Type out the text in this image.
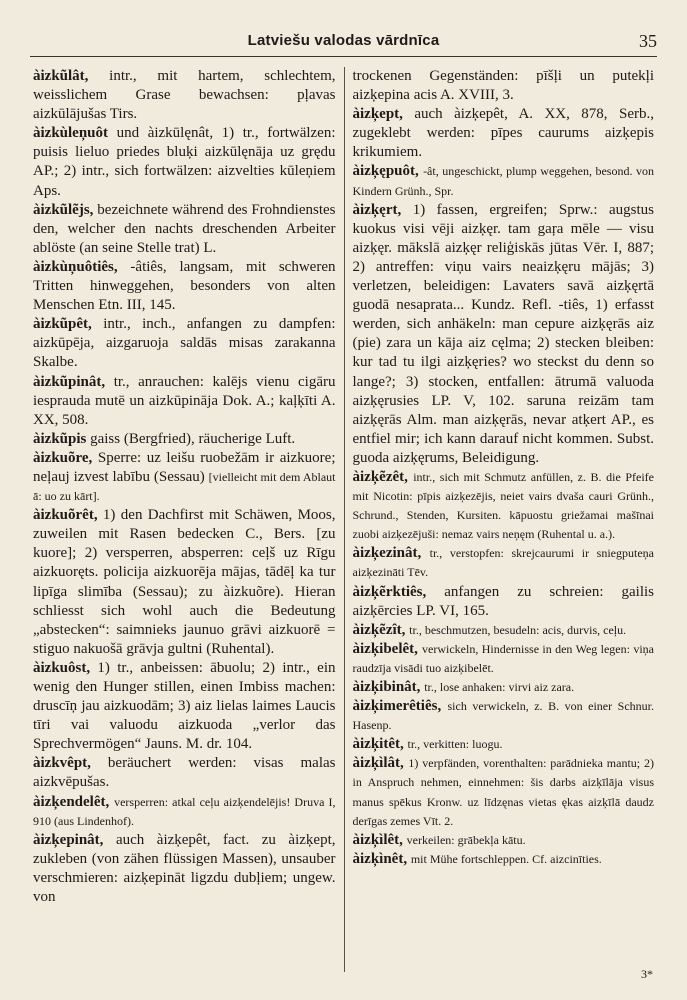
Latviešu valodas vārdnīca	35

àizkũlât, intr., mit hartem, schlechtem, weisslichem Grase bewachsen: pļavas aizkūlājušas Tirs.

àizkùleņuôt und àizkūlęnât, 1) tr., fortwälzen: puisis lieluo priedes bluķi aizkūlęnāja uz grędu AP.; 2) intr., sich fortwälzen: aizvelties kūleņiem Aps.

àizkũlẽjs, bezeichnete während des Frohndienstes den, welcher den nachts dreschenden Arbeiter ablöste (an seine Stelle trat) L.

àizkùņuôtiês, -âtiês, langsam, mit schweren Tritten hinweggehen, besonders von alten Menschen Etn. III, 145.

àizkũpêt, intr., inch., anfangen zu dampfen: aizkūpēja, aizgaruoja saldās misas zarakanna Skalbe.

àizkũpinât, tr., anrauchen: kalējs vienu cigāru iesprauda mutē un aizkūpināja Dok. A.; kaļķīti A. XX, 508.

àizkũpis gaiss (Bergfried), räucherige Luft.

àizkuõre, Sperre: uz leišu ruobežām ir aizkuore; neļauj izvest labību (Sessau) [vielleicht mit dem Ablaut ā: uo zu kārt].

àizkuõrêt, 1) den Dachfirst mit Schäwen, Moos, zuweilen mit Rasen bedecken C., Bers. [zu kuore]; 2) versperren, absperren: ceļš uz Rīgu aizkuoręts. policija aizkuorēja mājas, tādēļ ka tur lipīga slimība (Sessau); zu àizkuõre). Hieran schliesst sich wohl auch die Bedeutung „abstecken“: saimnieks jaunuo grāvi aizkuorē = stiguo nakuošā grāvja gultni (Ruhental).

àizkuôst, 1) tr., anbeissen: ābuolu; 2) intr., ein wenig den Hunger stillen, einen Imbiss machen: druscīņ jau aizkuodām; 3) aiz lielas laimes Laucis tīri vai valuodu aizkuoda „verlor das Sprechvermögen“ Jauns. M. dr. 104.

àizkvêpt, beräuchert werden: visas malas aizkvēpušas.

àizķendelêt, versperren: atkal ceļu aizķendelējis! Druva I, 910 (aus Lindenhof).

àizķepinât, auch àizķepêt, fact. zu àizķept, zukleben (von zähen flüssigen Massen), unsauber verschmieren: aizķepināt ligzdu dubļiem; ungew. von

trockenen Gegenständen: pīšļi un putekļi aizķepina acis A. XVIII, 3.

àizķept, auch àizķepêt, A. XX, 878, Serb., zugeklebt werden: pīpes caurums aizķepis krikumiem.

àizķępuôt, -ât, ungeschickt, plump weggehen, besond. von Kindern Grünh., Spr.

àizķęrt, 1) fassen, ergreifen; Sprw.: augstus kuokus visi vēji aizķęr. tam gaŗa mēle — visu aizķęr. mākslā aizķęr reliģiskās jūtas Vēr. I, 887; 2) antreffen: viņu vairs neaizķęru mājās; 3) verletzen, beleidigen: Lavaters savā aizķęrtā guodā nesaprata... Kundz. Refl. -tiês, 1) erfasst werden, sich anhäkeln: man cepure aizķęrās aiz (pie) zara un kāja aiz cęlma; 2) stecken bleiben: kur tad tu ilgi aizķęries? wo steckst du denn so lange?; 3) stocken, entfallen: ātrumā valuoda aizķęrusies LP. V, 102. saruna reizām tam aizķęrās Alm. man aizķęrās, nevar atķert AP., es entfiel mir; ich kann darauf nicht kommen. Subst. guoda aizķęrums, Beleidigung.

àizķẽzêt, intr., sich mit Schmutz anfüllen, z. B. die Pfeife mit Nicotin: pīpis aizķezējis, neiet vairs dvaša cauri Grünh., Schrund., Stenden, Kursiten. kāpuostu griežamai mašīnai zuobi aizķezējuši: nemaz vairs neņęm (Ruhental u. a.).

àizķezinât, tr., verstopfen: skrejcaurumi ir sniegputeņa aizķezināti Tēv.

àizķẽrktiês, anfangen zu schreien: gailis aizķērcies LP. VI, 165.

àizķẽzît, tr., beschmutzen, besudeln: acis, durvis, ceļu.

àizķibelêt, verwickeln, Hindernisse in den Weg legen: viņa raudzīja visādi tuo aizķibelēt.

àizķibinât, tr., lose anhaken: virvi aiz zara.

àizķimerêtiês, sich verwickeln, z. B. von einer Schnur. Hasenp.

àizķitêt, tr., verkitten: luogu.

àizķìlât, 1) verpfänden, vorenthalten: parādnieka mantu; 2) in Anspruch nehmen, einnehmen: šis darbs aizķīlāja visus manus spēkus Kronw. uz līdzęnas vietas ękas aizķīlā daudz derīgas zemes Vīt. 2.

àizķìlêt, verkeilen: grābekļa kātu.

àizķìnêt, mit Mühe fortschleppen. Cf. aizcinīties.

3*
